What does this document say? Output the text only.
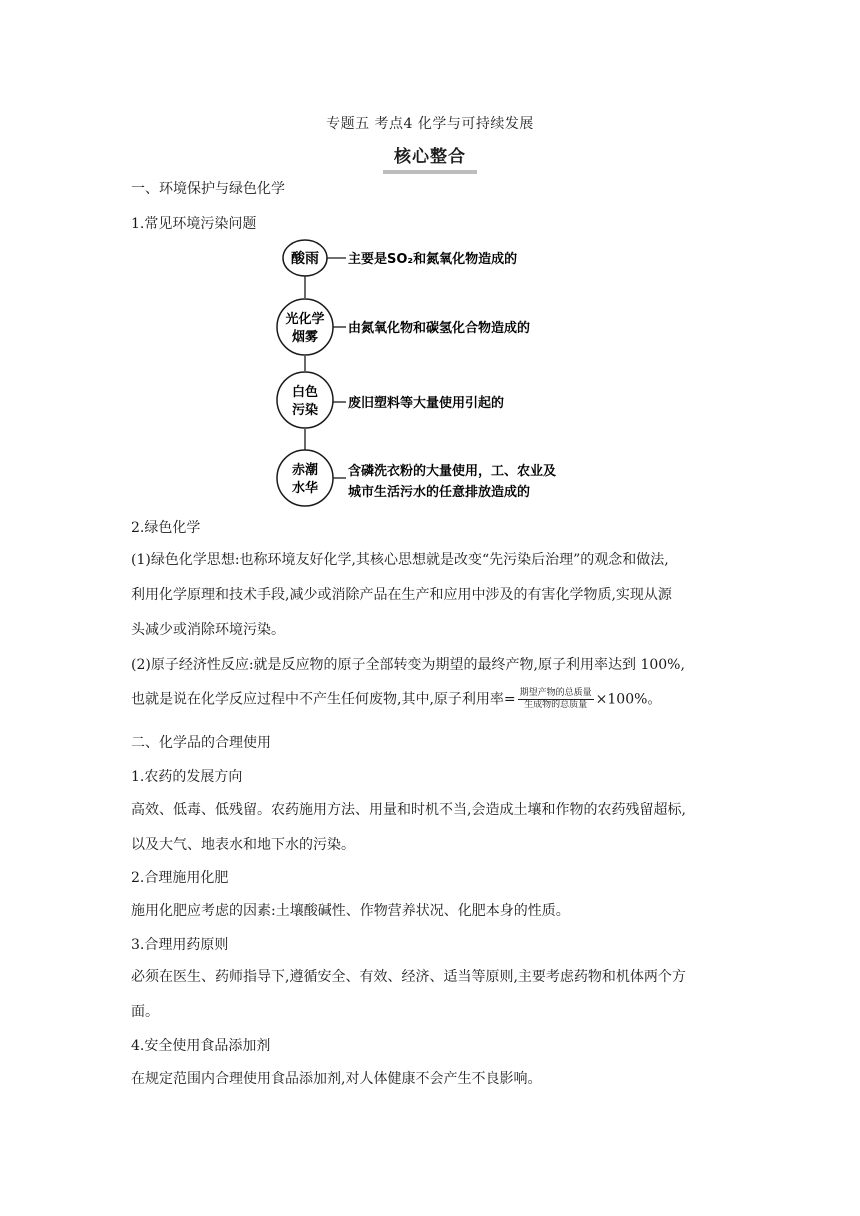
专题五 考点4 化学与可持续发展
核心整合
一、环境保护与绿色化学
1.常见环境污染问题
酸雨 主要是SO₂和氮氧化物造成的
光化学
烟雾
由氮氧化物和碳氢化合物造成的
白色
污染 废旧塑料等大量使用引起的
赤潮
水华
含磷洗衣粉的大量使用，工、农业及
城市生活污水的任意排放造成的
2.绿色化学
(1)绿色化学思想:也称环境友好化学,其核心思想就是改变“先污染后治理”的观念和做法,
利用化学原理和技术手段,减少或消除产品在生产和应用中涉及的有害化学物质,实现从源
头减少或消除环境污染。
(2)原子经济性反应:就是反应物的原子全部转变为期望的最终产物,原子利用率达到 100%,
也就是说在化学反应过程中不产生任何废物,其中,原子利用率= $\frac{\text{期望产物的总质量}}{\text{生成物的总质量}} \times 100\%$。
二、化学品的合理使用
1.农药的发展方向
高效、低毒、低残留。农药施用方法、用量和时机不当,会造成土壤和作物的农药残留超标,
以及大气、地表水和地下水的污染。
2.合理施用化肥
施用化肥应考虑的因素:土壤酸碱性、作物营养状况、化肥本身的性质。
3.合理用药原则
必须在医生、药师指导下,遵循安全、有效、经济、适当等原则,主要考虑药物和机体两个方
面。
4.安全使用食品添加剂
在规定范围内合理使用食品添加剂,对人体健康不会产生不良影响。
